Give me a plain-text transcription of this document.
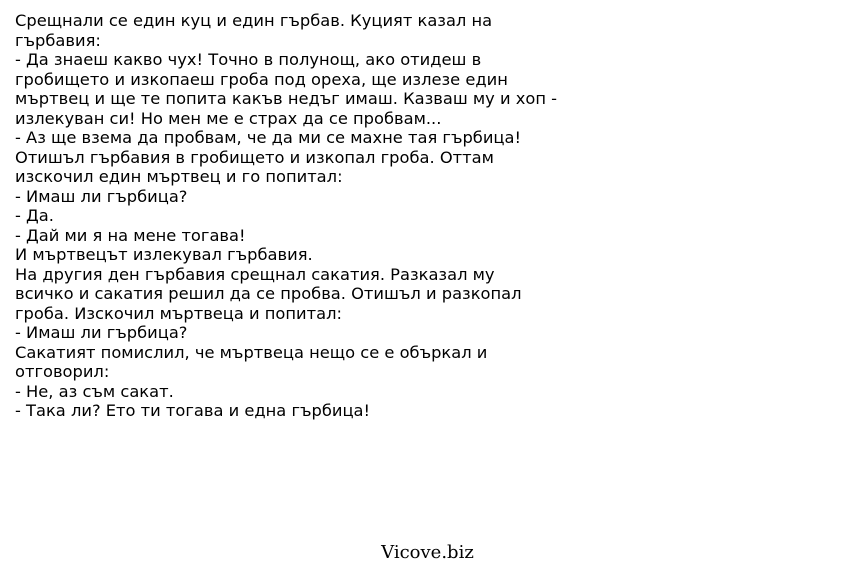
Срещнали се един куц и един гърбав. Куцият казал на
гърбавия:
- Да знаеш какво чух! Точно в полунощ, ако отидеш в
гробището и изкопаеш гроба под ореха, ще излезе един
мъртвец и ще те попита какъв недъг имаш. Казваш му и хоп -
излекуван си! Но мен ме е страх да се пробвам...
- Аз ще взема да пробвам, че да ми се махне тая гърбица!
Отишъл гърбавия в гробището и изкопал гроба. Оттам
изскочил един мъртвец и го попитал:
- Имаш ли гърбица?
- Да.
- Дай ми я на мене тогава!
И мъртвецът излекувал гърбавия.
На другия ден гърбавия срещнал сакатия. Разказал му
всичко и сакатия решил да се пробва. Отишъл и разкопал
гроба. Изскочил мъртвеца и попитал:
- Имаш ли гърбица?
Сакатият помислил, че мъртвеца нещо се е объркал и
отговорил:
- Не, аз съм сакат.
- Така ли? Ето ти тогава и една гърбица!
Vicove.biz
